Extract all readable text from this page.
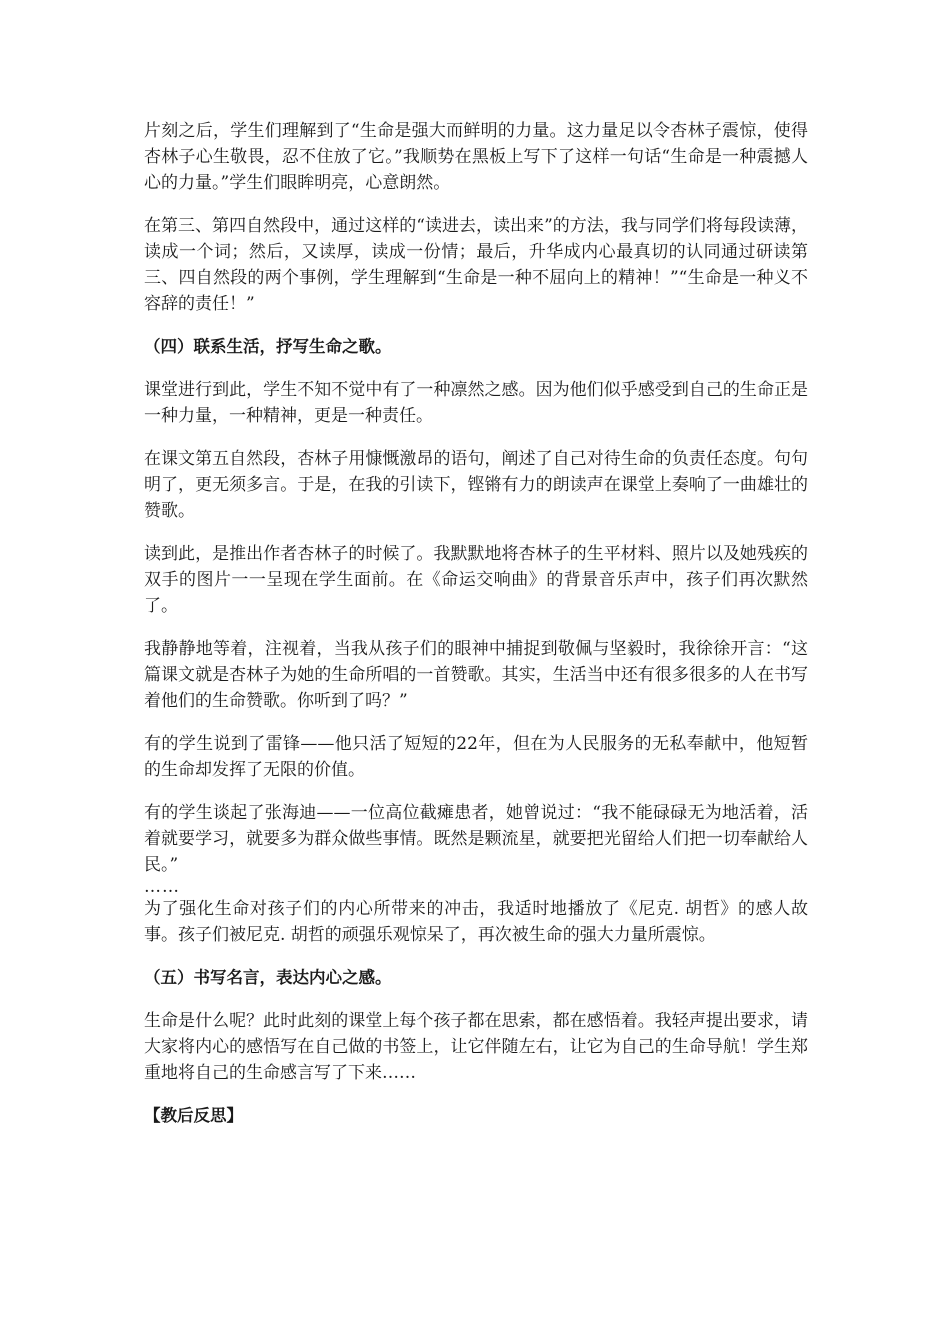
片刻之后，学生们理解到了“生命是强大而鲜明的力量。这力量足以令杏林子震惊，使得杏林子心生敬畏，忍不住放了它。”我顺势在黑板上写下了这样一句话“生命是一种震撼人心的力量。”学生们眼眸明亮，心意朗然。

在第三、第四自然段中，通过这样的“读进去，读出来”的方法，我与同学们将每段读薄，读成一个词；然后，又读厚，读成一份情；最后，升华成内心最真切的认同通过研读第三、四自然段的两个事例，学生理解到“生命是一种不屈向上的精神！”“生命是一种义不容辞的责任！”

（四）联系生活，抒写生命之歌。

课堂进行到此，学生不知不觉中有了一种凛然之感。因为他们似乎感受到自己的生命正是一种力量，一种精神，更是一种责任。

在课文第五自然段，杏林子用慷慨激昂的语句，阐述了自己对待生命的负责任态度。句句明了，更无须多言。于是，在我的引读下，铿锵有力的朗读声在课堂上奏响了一曲雄壮的赞歌。

读到此，是推出作者杏林子的时候了。我默默地将杏林子的生平材料、照片以及她残疾的双手的图片一一呈现在学生面前。在《命运交响曲》的背景音乐声中，孩子们再次默然了。

我静静地等着，注视着，当我从孩子们的眼神中捕捉到敬佩与坚毅时，我徐徐开言：“这篇课文就是杏林子为她的生命所唱的一首赞歌。其实，生活当中还有很多很多的人在书写着他们的生命赞歌。你听到了吗？”

有的学生说到了雷锋——他只活了短短的22年，但在为人民服务的无私奉献中，他短暂的生命却发挥了无限的价值。

有的学生谈起了张海迪——一位高位截瘫患者，她曾说过：“我不能碌碌无为地活着，活着就要学习，就要多为群众做些事情。既然是颗流星，就要把光留给人们把一切奉献给人民。”

……

为了强化生命对孩子们的内心所带来的冲击，我适时地播放了《尼克. 胡哲》的感人故事。孩子们被尼克. 胡哲的顽强乐观惊呆了，再次被生命的强大力量所震惊。

（五）书写名言，表达内心之感。

生命是什么呢？此时此刻的课堂上每个孩子都在思索，都在感悟着。我轻声提出要求，请大家将内心的感悟写在自己做的书签上，让它伴随左右，让它为自己的生命导航！学生郑重地将自己的生命感言写了下来……

【教后反思】
